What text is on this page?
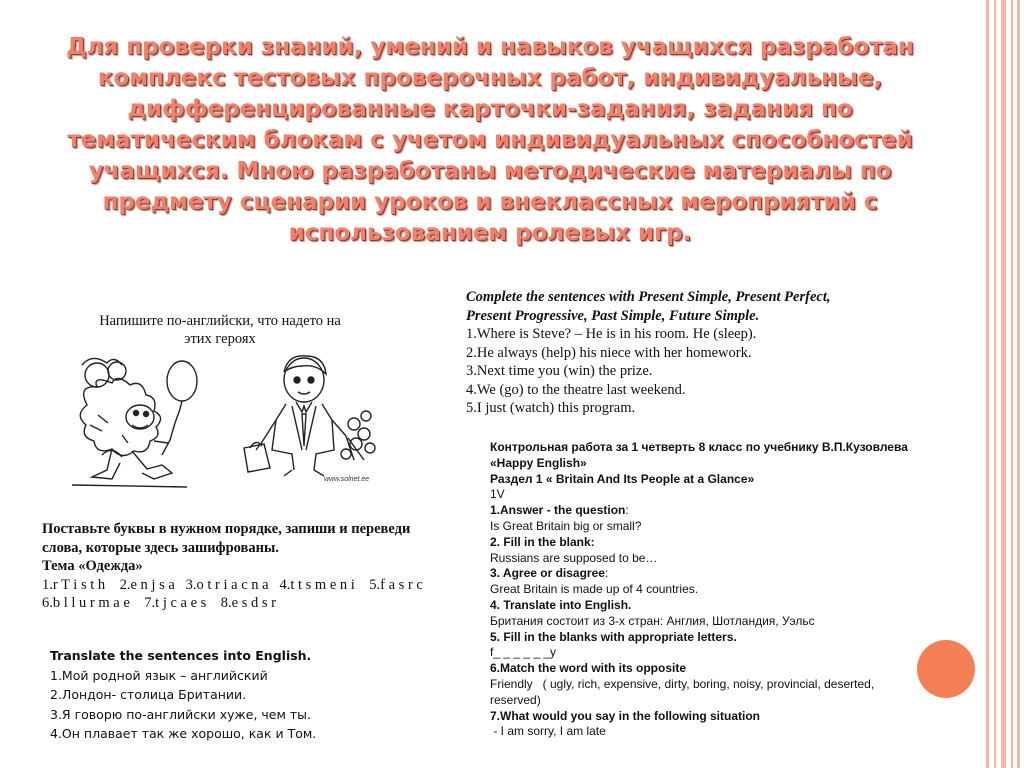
Для проверки знаний, умений и навыков учащихся разработан
комплекс тестовых проверочных работ, индивидуальные,
дифференцированные карточки-задания, задания по
тематическим блокам с учетом индивидуальных способностей
учащихся. Мною разработаны методические материалы по
предмету сценарии уроков и внеклассных мероприятий с
использованием ролевых игр.
Напишите по-английски, что надето на
этих героях
www.solnet.ee
Поставьте буквы в нужном порядке, запиши и переведи
слова, которые здесь зашифрованы.
Тема «Одежда»
1.r T i s t h    2.e n j s a   3.o t r i a c n a   4.t t s m e n i    5.f a s r c
6.b l l u r m a e    7.t j c a e s    8.e s d s r
Translate the sentences into English.
1.Мой родной язык – английский
2.Лондон- столица Британии.
3.Я говорю по-английски хуже, чем ты.
4.Он плавает так же хорошо, как и Том.
Complete the sentences with Present Simple, Present Perfect,
Present Progressive, Past Simple, Future Simple.
1.Where is Steve? – He is in his room. He (sleep).
2.He always (help) his niece with her homework.
3.Next time you (win) the prize.
4.We (go) to the theatre last weekend.
5.I just (watch) this program.
Контрольная работа за 1 четверть 8 класс по учебнику В.П.Кузовлева
«Happy English»
Раздел 1 « Britain And Its People at a Glance»
1V
1.Answer - the question:
Is Great Britain big or small?
2. Fill in the blank:
Russians are supposed to be…
3. Agree or disagree:
Great Britain is made up of 4 countries.
4. Translate into English.
Британия состоит из 3-х стран: Англия, Шотландия, Уэльс
5. Fill in the blanks with appropriate letters.
f_ _ _ _ _ _y
6.Match the word with its opposite
Friendly   ( ugly, rich, expensive, dirty, boring, noisy, provincial, deserted,
reserved)
7.What would you say in the following situation
- I am sorry, I am late
